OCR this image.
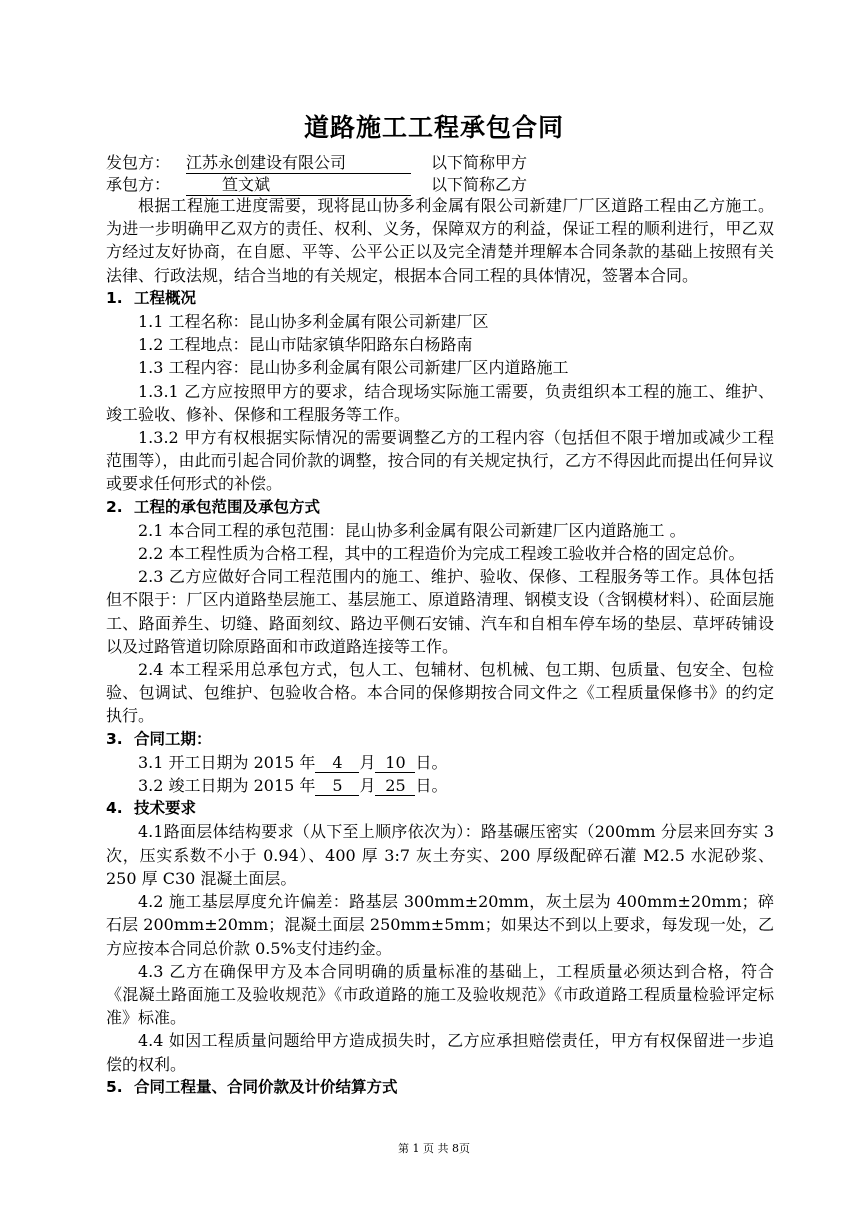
道路施工工程承包合同
发包方： 江苏永创建设有限公司	以下简称甲方
承包方：	笪文斌	以下简称乙方

根据工程施工进度需要，现将昆山协多利金属有限公司新建厂厂区道路工程由乙方施工。为进一步明确甲乙双方的责任、权利、义务，保障双方的利益，保证工程的顺利进行，甲乙双方经过友好协商，在自愿、平等、公平公正以及完全清楚并理解本合同条款的基础上按照有关法律、行政法规，结合当地的有关规定，根据本合同工程的具体情况，签署本合同。

1. 工程概况

1.1 工程名称：昆山协多利金属有限公司新建厂区

1.2 工程地点：昆山市陆家镇华阳路东白杨路南

1.3 工程内容：昆山协多利金属有限公司新建厂区内道路施工

1.3.1 乙方应按照甲方的要求，结合现场实际施工需要，负责组织本工程的施工、维护、竣工验收、修补、保修和工程服务等工作。

1.3.2 甲方有权根据实际情况的需要调整乙方的工程内容（包括但不限于增加或减少工程范围等），由此而引起合同价款的调整，按合同的有关规定执行，乙方不得因此而提出任何异议或要求任何形式的补偿。

2. 工程的承包范围及承包方式

2.1 本合同工程的承包范围：昆山协多利金属有限公司新建厂区内道路施工 。

2.2 本工程性质为合格工程，其中的工程造价为完成工程竣工验收并合格的固定总价。

2.3 乙方应做好合同工程范围内的施工、维护、验收、保修、工程服务等工作。具体包括但不限于：厂区内道路垫层施工、基层施工、原道路清理、钢模支设（含钢模材料）、砼面层施工、路面养生、切缝、路面刻纹、路边平侧石安铺、汽车和自相车停车场的垫层、草坪砖铺设以及过路管道切除原路面和市政道路连接等工作。

2.4 本工程采用总承包方式，包人工、包辅材、包机械、包工期、包质量、包安全、包检验、包调试、包维护、包验收合格。本合同的保修期按合同文件之《工程质量保修书》的约定执行。

3. 合同工期：

3.1 开工日期为 2015 年 4 月 10 日。

3.2 竣工日期为 2015 年 5 月 25 日。

4. 技术要求

4.1路面层体结构要求（从下至上顺序依次为）：路基碾压密实（200mm 分层来回夯实 3 次，压实系数不小于 0.94）、400 厚 3:7 灰土夯实、200 厚级配碎石灌 M2.5 水泥砂浆、250 厚 C30 混凝土面层。

4.2 施工基层厚度允许偏差：路基层 300mm±20mm，灰土层为 400mm±20mm；碎石层 200mm±20mm；混凝土面层 250mm±5mm；如果达不到以上要求，每发现一处，乙方应按本合同总价款 0.5%支付违约金。

4.3 乙方在确保甲方及本合同明确的质量标准的基础上，工程质量必须达到合格，符合《混凝土路面施工及验收规范》《市政道路的施工及验收规范》《市政道路工程质量检验评定标准》标准。

4.4 如因工程质量问题给甲方造成损失时，乙方应承担赔偿责任，甲方有权保留进一步追偿的权利。

5. 合同工程量、合同价款及计价结算方式

第 1 页 共 8页
